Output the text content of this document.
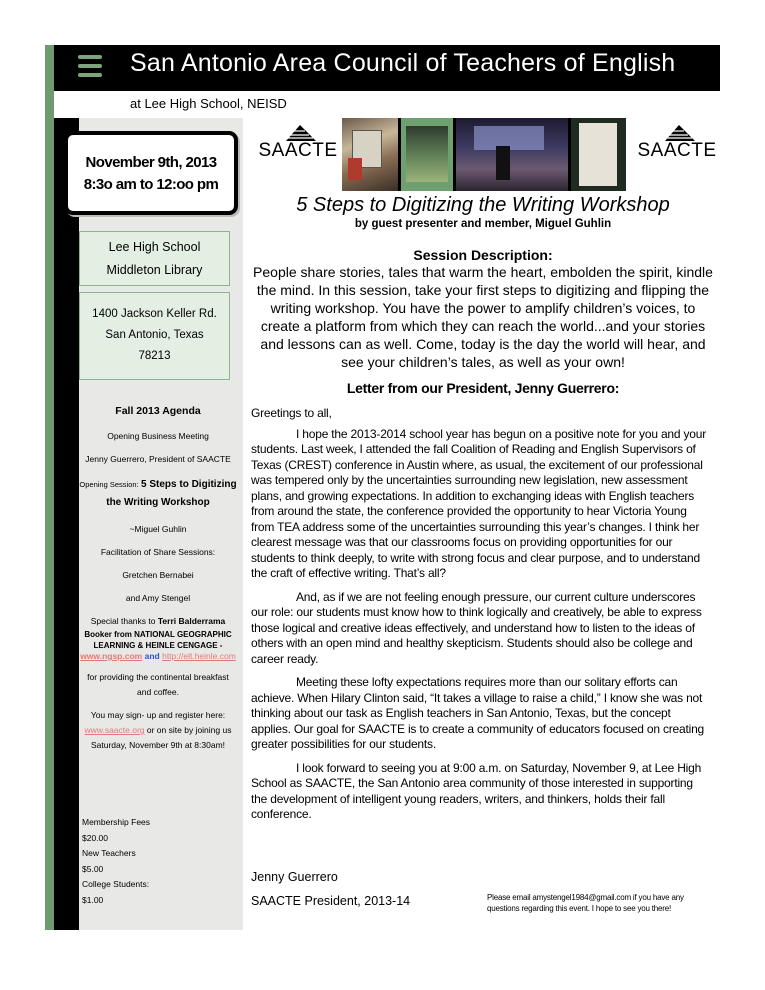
San Antonio Area Council of Teachers of English
at Lee High School, NEISD
November 9th, 2013
8:3o am to 12:oo pm
Lee High School
Middleton Library
1400 Jackson Keller Rd.
San Antonio, Texas
78213
Fall 2013 Agenda
Opening Business Meeting
Jenny Guerrero, President of SAACTE
Opening Session: 5 Steps to Digitizing the Writing Workshop
~Miguel Guhlin
Facilitation of Share Sessions:
Gretchen Bernabei
and Amy Stengel
Special thanks to Terri Balderrama
Booker from NATIONAL GEOGRAPHIC LEARNING & HEINLE CENGAGE -
www.ngsp.com and http://elt.heinle.com
for providing the continental breakfast and coffee.
You may sign- up and register here:
www.saacte.org or on site by joining us Saturday, November 9th at 8:30am!
Membership Fees
$20.00
New Teachers
$5.00
College Students:
$1.00
SAACTE	SAACTE
5 Steps to Digitizing the Writing Workshop
by guest presenter and member, Miguel Guhlin
Session Description:
People share stories, tales that warm the heart, embolden the spirit, kindle the mind. In this session, take your first steps to digitizing and flipping the writing workshop. You have the power to amplify children’s voices, to create a platform from which they can reach the world...and your stories and lessons can as well. Come, today is the day the world will hear, and see your children’s tales, as well as your own!
Letter from our President, Jenny Guerrero:

Greetings to all,

I hope the 2013-2014 school year has begun on a positive note for you and your students. Last week, I attended the fall Coalition of Reading and English Supervisors of Texas (CREST) conference in Austin where, as usual, the excitement of our professional was tempered only by the uncertainties surrounding new legislation, new assessment plans, and growing expectations. In addition to exchanging ideas with English teachers from around the state, the conference provided the opportunity to hear Victoria Young from TEA address some of the uncertainties surrounding this year’s changes. I think her clearest message was that our classrooms focus on providing opportunities for our students to think deeply, to write with strong focus and clear purpose, and to understand the craft of effective writing. That’s all?

And, as if we are not feeling enough pressure, our current culture underscores our role: our students must know how to think logically and creatively, be able to express those logical and creative ideas effectively, and understand how to listen to the ideas of others with an open mind and healthy skepticism. Students should also be college and career ready.

Meeting these lofty expectations requires more than our solitary efforts can achieve. When Hilary Clinton said, “It takes a village to raise a child,” I know she was not thinking about our task as English teachers in San Antonio, Texas, but the concept applies. Our goal for SAACTE is to create a community of educators focused on creating greater possibilities for our students.

I look forward to seeing you at 9:00 a.m. on Saturday, November 9, at Lee High School as SAACTE, the San Antonio area community of those interested in supporting the development of intelligent young readers, writers, and thinkers, holds their fall conference.

Jenny Guerrero
SAACTE President, 2013-14	Please email amystengel1984@gmail.com if you have any questions regarding this event. I hope to see you there!
